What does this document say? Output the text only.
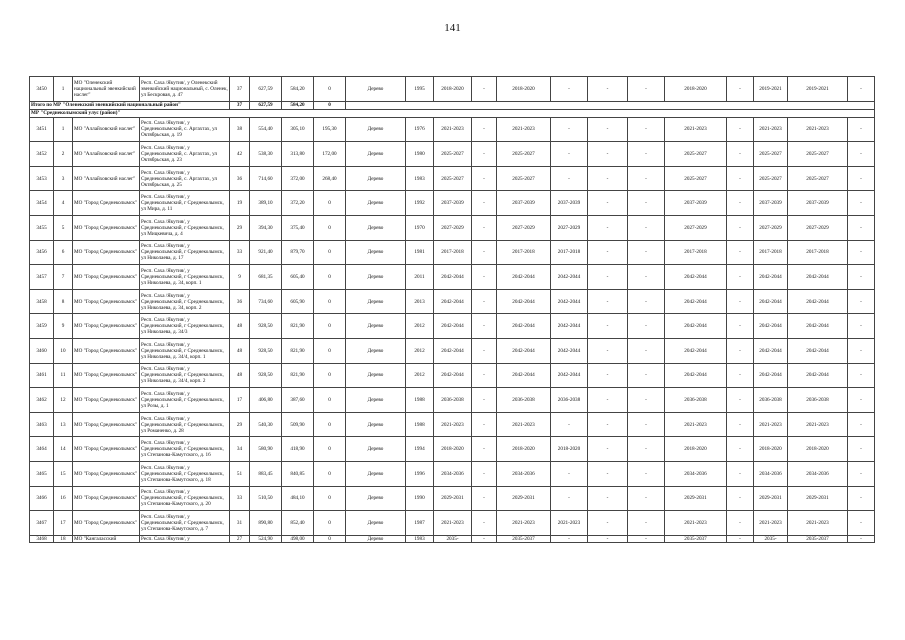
141
3450	1	МО "Оленекский национальный эвенкийский наслег"	Респ. Саха /Якутия/, у Оленекский эвенкийский национальный, с. Оленек, ул Бескровая, д. 47	37	627,59	584,20	0	Дерево	1995	2018-2020	-	2018-2020	-	-	-	2018-2020	-	2019-2021	2019-2021	-
Итого по МР "Оленекский эвенкийский национальный район"				37	627,59	584,20	0													
МР "Среднеколымский улус (район)"																				
3451	1	МО "Аллайховский наслег"	Респ. Саха /Якутия/, у Среднеколымский, с. Аргахтах, ул Октябрьская, д. 19	38	554,40	305,10	195,30	Дерево	1976	2021-2023	-	2021-2023	-	-	-	2021-2023	-	2021-2023	2021-2023	-
3452	2	МО "Аллайховский наслег"	Респ. Саха /Якутия/, у Среднеколымский, с. Аргахтах, ул Октябрьская, д. 23	42	538,30	313,80	172,00	Дерево	1980	2025-2027	-	2025-2027	-	-	-	2025-2027	-	2025-2027	2025-2027	-
3453	3	МО "Аллайховский наслег"	Респ. Саха /Якутия/, у Среднеколымский, с. Аргахтах, ул Октябрьская, д. 25	36	714,60	372,00	268,40	Дерево	1983	2025-2027	-	2025-2027	-	-	-	2025-2027	-	2025-2027	2025-2027	-
3454	4	МО "Город Среднеколымск"	Респ. Саха /Якутия/, у Среднеколымский, г Среднеколымск, ул Мира, д. 11	19	389,10	372,20	0	Дерево	1992	2037-2039	-	2037-2039	2037-2039	-	-	2037-2039	-	2037-2039	2037-2039	-
3455	5	МО "Город Среднеколымск"	Респ. Саха /Якутия/, у Среднеколымский, г Среднеколымск, ул Мицкевича, д. 4	29	394,30	375,40	0	Дерево	1970	2027-2029	-	2027-2029	2027-2029	-	-	2027-2029	-	2027-2029	2027-2029	-
3456	6	МО "Город Среднеколымск"	Респ. Саха /Якутия/, у Среднеколымский, г Среднеколымск, ул Николаева, д. 17	33	921,40	879,70	0	Дерево	1981	2017-2018	-	2017-2018	2017-2018	-	-	2017-2018	-	2017-2018	2017-2018	-
3457	7	МО "Город Среднеколымск"	Респ. Саха /Якутия/, у Среднеколымский, г Среднеколымск, ул Николаева, д. 34, корп. 1	9	681,35	605,40	0	Дерево	2011	2042-2044	-	2042-2044	2042-2044	-	-	2042-2044	-	2042-2044	2042-2044	-
3458	8	МО "Город Среднеколымск"	Респ. Саха /Якутия/, у Среднеколымский, г Среднеколымск, ул Николаева, д. 34, корп. 2	36	734,60	605,90	0	Дерево	2013	2042-2044	-	2042-2044	2042-2044	-	-	2042-2044	-	2042-2044	2042-2044	-
3459	9	МО "Город Среднеколымск"	Респ. Саха /Якутия/, у Среднеколымский, г Среднеколымск, ул Николаева, д. 34/3	48	928,50	821,90	0	Дерево	2012	2042-2044	-	2042-2044	2042-2044	-	-	2042-2044	-	2042-2044	2042-2044	-
3460	10	МО "Город Среднеколымск"	Респ. Саха /Якутия/, у Среднеколымский, г Среднеколымск, ул Николаева, д. 34/4, корп. 1	48	928,50	821,90	0	Дерево	2012	2042-2044	-	2042-2044	2042-2044	-	-	2042-2044	-	2042-2044	2042-2044	-
3461	11	МО "Город Среднеколымск"	Респ. Саха /Якутия/, у Среднеколымский, г Среднеколымск, ул Николаева, д. 34/4, корп. 2	48	928,50	821,90	0	Дерево	2012	2042-2044	-	2042-2044	2042-2044	-	-	2042-2044	-	2042-2044	2042-2044	-
3462	12	МО "Город Среднеколымск"	Респ. Саха /Якутия/, у Среднеколымский, г Среднеколымск, ул Розы, д. 1	17	406,80	387,60	0	Дерево	1988	2036-2038	-	2036-2038	2036-2038	-	-	2036-2038	-	2036-2038	2036-2038	-
3463	13	МО "Город Среднеколымск"	Респ. Саха /Якутия/, у Среднеколымский, г Среднеколымск, ул Романенко, д. 28	29	540,30	509,90	0	Дерево	1988	2021-2023	-	2021-2023	-	-	-	2021-2023	-	2021-2023	2021-2023	-
3464	14	МО "Город Среднеколымск"	Респ. Саха /Якутия/, у Среднеколымский, г Среднеколымск, ул Степанова-Камутского, д. 16	34	580,90	418,90	0	Дерево	1994	2018-2020	-	2018-2020	2018-2020	-	-	2018-2020	-	2018-2020	2018-2020	-
3465	15	МО "Город Среднеколымск"	Респ. Саха /Якутия/, у Среднеколымский, г Среднеколымск, ул Степанова-Камутского, д. 18	51	883,45	840,85	0	Дерево	1996	2034-2036	-	2034-2036	-	-	-	2034-2036	-	2034-2036	2034-2036	-
3466	16	МО "Город Среднеколымск"	Респ. Саха /Якутия/, у Среднеколымский, г Среднеколымск, ул Степанова-Камутского, д. 20	33	510,50	484,10	0	Дерево	1990	2029-2031	-	2029-2031	-	-	-	2029-2031	-	2029-2031	2029-2031	-
3467	17	МО "Город Среднеколымск"	Респ. Саха /Якутия/, у Среднеколымский, г Среднеколымск, ул Степанова-Камутского, д. 7	31	890,80	852,40	0	Дерево	1987	2021-2023	-	2021-2023	2021-2023	-	-	2021-2023	-	2021-2023	2021-2023	-
3468	18	МО "Кангаласский	Респ. Саха /Якутия/, у	27	524,90	498,00	0	Дерево	1983	2035-	-	2035-2037	-	-	-	2035-2037	-	2035-	2035-2037	-
